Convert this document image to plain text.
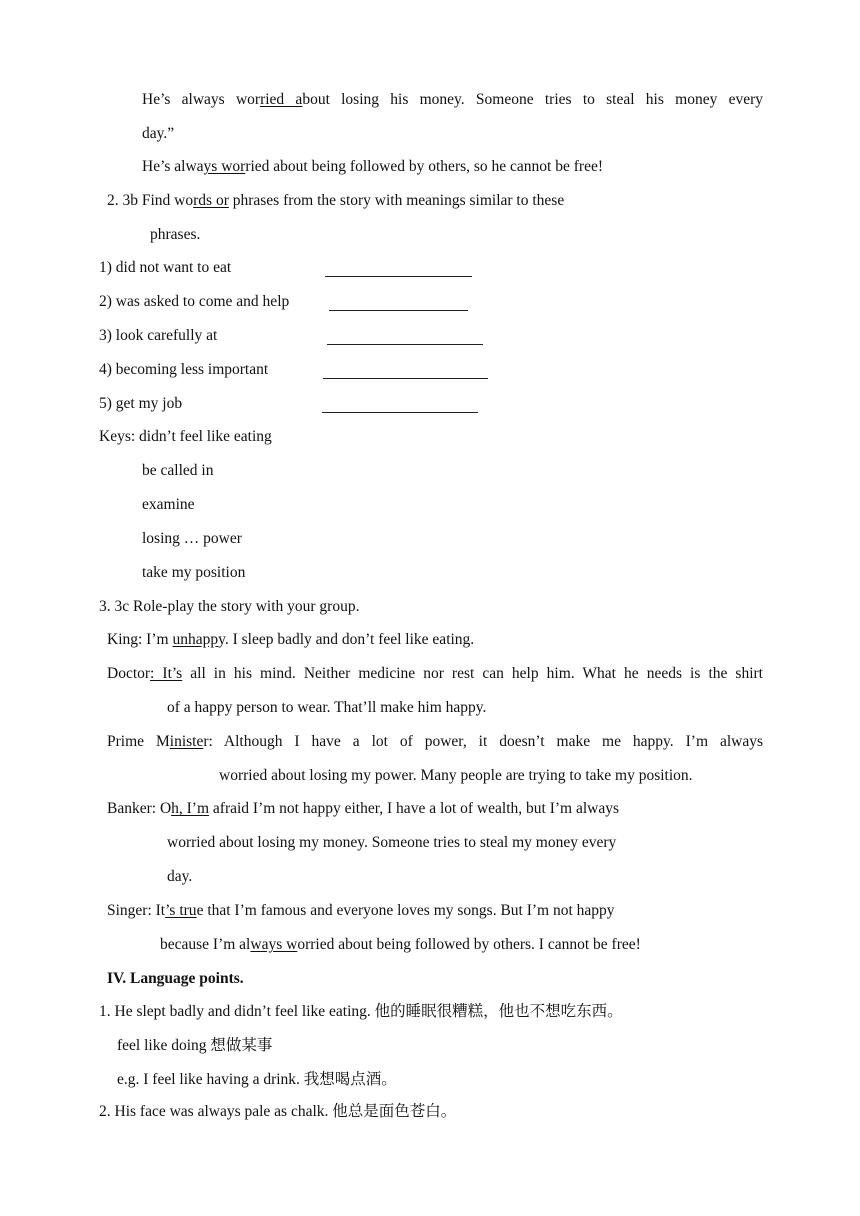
He’s always worried about losing his money. Someone tries to steal his money every
day.”
He’s always worried about being followed by others, so he cannot be free!
2. 3b Find words or phrases from the story with meanings similar to these
phrases.
1) did not want to eat
2) was asked to come and help
3) look carefully at
4) becoming less important
5) get my job
Keys: didn’t feel like eating
be called in
examine
losing … power
take my position
3. 3c Role-play the story with your group.
King: I’m unhappy. I sleep badly and don’t feel like eating.
Doctor: It’s all in his mind. Neither medicine nor rest can help him. What he needs is the shirt
of a happy person to wear. That’ll make him happy.
Prime Minister: Although I have a lot of power, it doesn’t make me happy. I’m always
worried about losing my power. Many people are trying to take my position.
Banker: Oh, I’m afraid I’m not happy either, I have a lot of wealth, but I’m always
worried about losing my money. Someone tries to steal my money every
day.
Singer: It’s true that I’m famous and everyone loves my songs. But I’m not happy
because I’m always worried about being followed by others. I cannot be free!
IV. Language points.
1. He slept badly and didn’t feel like eating. 他的睡眠很糟糕，他也不想吃东西。
feel like doing 想做某事
e.g. I feel like having a drink. 我想喝点酒。
2. His face was always pale as chalk. 他总是面色苍白。
